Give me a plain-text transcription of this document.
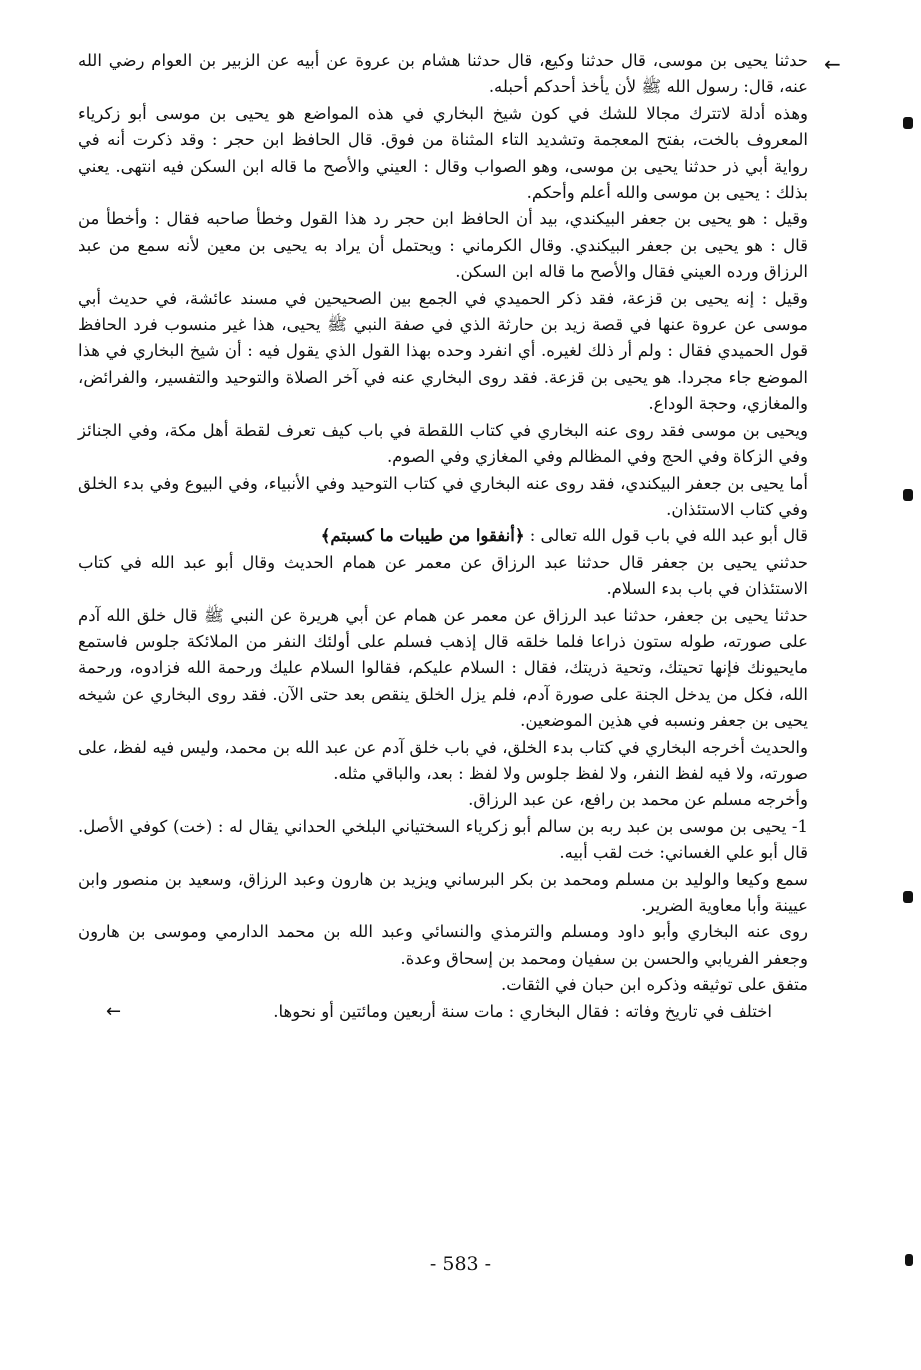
←

حدثنا يحيى بن موسى، قال حدثنا وكيع، قال حدثنا هشام بن عروة عن أبيه عن الزبير بن العوام رضي الله عنه، قال: رسول الله ﷺ لأن يأخذ أحدكم أحبله.

وهذه أدلة لاتترك مجالا للشك في كون شيخ البخاري في هذه المواضع هو يحيى بن موسى أبو زكرياء المعروف بالخت، بفتح المعجمة وتشديد التاء المثناة من فوق. قال الحافظ ابن حجر : وقد ذكرت أنه في رواية أبي ذر حدثنا يحيى بن موسى، وهو الصواب وقال : العيني والأصح ما قاله ابن السكن فيه انتهى. يعني بذلك : يحيى بن موسى والله أعلم وأحكم.

وقيل : هو يحيى بن جعفر البيكندي، بيد أن الحافظ ابن حجر رد هذا القول وخطأ صاحبه فقال : وأخطأ من قال : هو يحيى بن جعفر البيكندي. وقال الكرماني : ويحتمل أن يراد به يحيى بن معين لأنه سمع من عبد الرزاق ورده العيني فقال والأصح ما قاله ابن السكن.

وقيل : إنه يحيى بن قزعة، فقد ذكر الحميدي في الجمع بين الصحيحين في مسند عائشة، في حديث أبي موسى عن عروة عنها في قصة زيد بن حارثة الذي في صفة النبي ﷺ يحيى، هذا غير منسوب فرد الحافظ قول الحميدي فقال : ولم أر ذلك لغيره. أي انفرد وحده بهذا القول الذي يقول فيه : أن شيخ البخاري في هذا الموضع جاء مجردا. هو يحيى بن قزعة. فقد روى البخاري عنه في آخر الصلاة والتوحيد والتفسير، والفرائض، والمغازي، وحجة الوداع.

ويحيى بن موسى فقد روى عنه البخاري في كتاب اللقطة في باب كيف تعرف لقطة أهل مكة، وفي الجنائز وفي الزكاة وفي الحج وفي المظالم وفي المغازي وفي الصوم.

أما يحيى بن جعفر البيكندي، فقد روى عنه البخاري في كتاب التوحيد وفي الأنبياء، وفي البيوع وفي بدء الخلق وفي كتاب الاستئذان.

قال أبو عبد الله في باب قول الله تعالى : ﴿أنفقوا من طيبات ما كسبتم﴾

حدثني يحيى بن جعفر قال حدثنا عبد الرزاق عن معمر عن همام الحديث وقال أبو عبد الله في كتاب الاستئذان في باب بدء السلام.

حدثنا يحيى بن جعفر، حدثنا عبد الرزاق عن معمر عن همام عن أبي هريرة عن النبي ﷺ قال خلق الله آدم على صورته، طوله ستون ذراعا فلما خلقه قال إذهب فسلم على أولئك النفر من الملائكة جلوس فاستمع مايحيونك فإنها تحيتك، وتحية ذريتك، فقال : السلام عليكم، فقالوا السلام عليك ورحمة الله فزادوه، ورحمة الله، فكل من يدخل الجنة على صورة آدم، فلم يزل الخلق ينقص بعد حتى الآن. فقد روى البخاري عن شيخه يحيى بن جعفر ونسبه في هذين الموضعين.

والحديث أخرجه البخاري في كتاب بدء الخلق، في باب خلق آدم عن عبد الله بن محمد، وليس فيه لفظ، على صورته، ولا فيه لفظ النفر، ولا لفظ جلوس ولا لفظ : بعد، والباقي مثله.

وأخرجه مسلم عن محمد بن رافع، عن عبد الرزاق.

1- يحيى بن موسى بن عبد ربه بن سالم أبو زكرياء السختياني البلخي الحداني يقال له : (خت) كوفي الأصل. قال أبو علي الغساني: خت لقب أبيه.

سمع وكيعا والوليد بن مسلم ومحمد بن بكر البرساني ويزيد بن هارون وعبد الرزاق، وسعيد بن منصور وابن عيينة وأبا معاوية الضرير.

روى عنه البخاري وأبو داود ومسلم والترمذي والنسائي وعبد الله بن محمد الدارمي وموسى بن هارون وجعفر الفريابي والحسن بن سفيان ومحمد بن إسحاق وعدة.

متفق على توثيقه وذكره ابن حبان في الثقات.

اختلف في تاريخ وفاته : فقال البخاري : مات سنة أربعين ومائتين أو نحوها.
←
- 583 -
